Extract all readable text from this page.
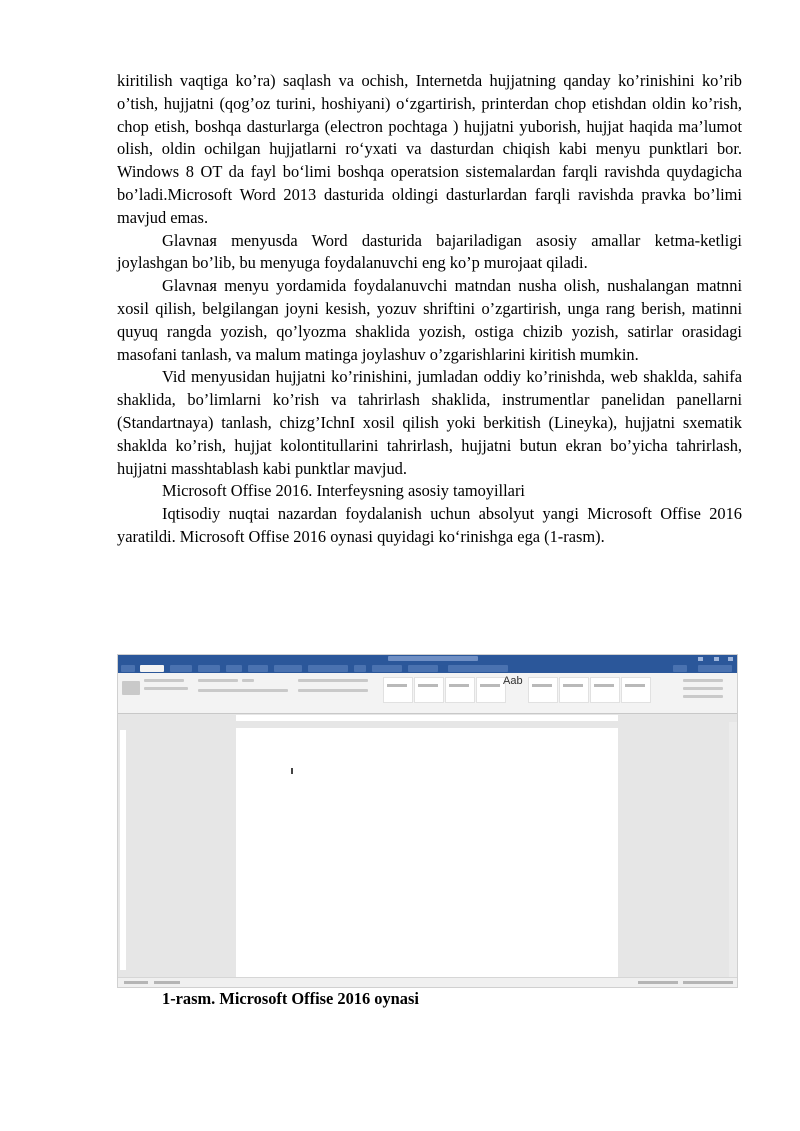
kiritilish vaqtiga ko’ra) saqlash va ochish, Internetda hujjatning qanday ko’rinishini ko’rib o’tish, hujjatni (qog’oz turini, hoshiyani) o‘zgartirish, printerdan chop etishdan oldin ko’rish, chop etish, boshqa dasturlarga (electron pochtaga ) hujjatni yuborish, hujjat haqida ma’lumot olish, oldin ochilgan hujjatlarni ro‘yxati va dasturdan chiqish kabi menyu punktlari bor. Windows 8 OT da fayl bo‘limi boshqa operatsion sistemalardan farqli ravishda quydagicha bo’ladi.Microsoft Word 2013 dasturida oldingi dasturlardan farqli ravishda pravka bo’limi mavjud emas.

Glavnaя menyusda Word dasturida bajariladigan asosiy amallar ketma-ketligi joylashgan bo’lib, bu menyuga foydalanuvchi eng ko’p murojaat qiladi.

Glavnaя menyu yordamida foydalanuvchi matndan nusha olish, nushalangan matnni xosil qilish, belgilangan joyni kesish, yozuv shriftini o’zgartirish, unga rang berish, matinni quyuq rangda yozish, qo’lyozma shaklida yozish, ostiga chizib yozish, satirlar orasidagi masofani tanlash, va malum matinga joylashuv o’zgarishlarini kiritish mumkin.

Vid menyusidan hujjatni ko’rinishini, jumladan oddiy ko’rinishda, web shaklda, sahifa shaklida, bo’limlarni ko’rish va tahrirlash shaklida, instrumentlar panelidan panellarni (Standartnaya) tanlash, chizg’IchnI xosil qilish yoki berkitish (Lineyka), hujjatni sxematik shaklda ko’rish, hujjat kolontitullarini tahrirlash, hujjatni butun ekran bo’yicha tahrirlash, hujjatni masshtablash kabi punktlar mavjud.

Microsoft Offise 2016. Interfeysning asosiy tamoyillari

Iqtisodiy nuqtai nazardan foydalanish uchun absolyut yangi Microsoft Offise 2016 yaratildi. Microsoft Offise 2016 oynasi quyidagi ko‘rinishga ega (1-rasm).

Aab
1-rasm. Microsoft Offise 2016 oynasi
